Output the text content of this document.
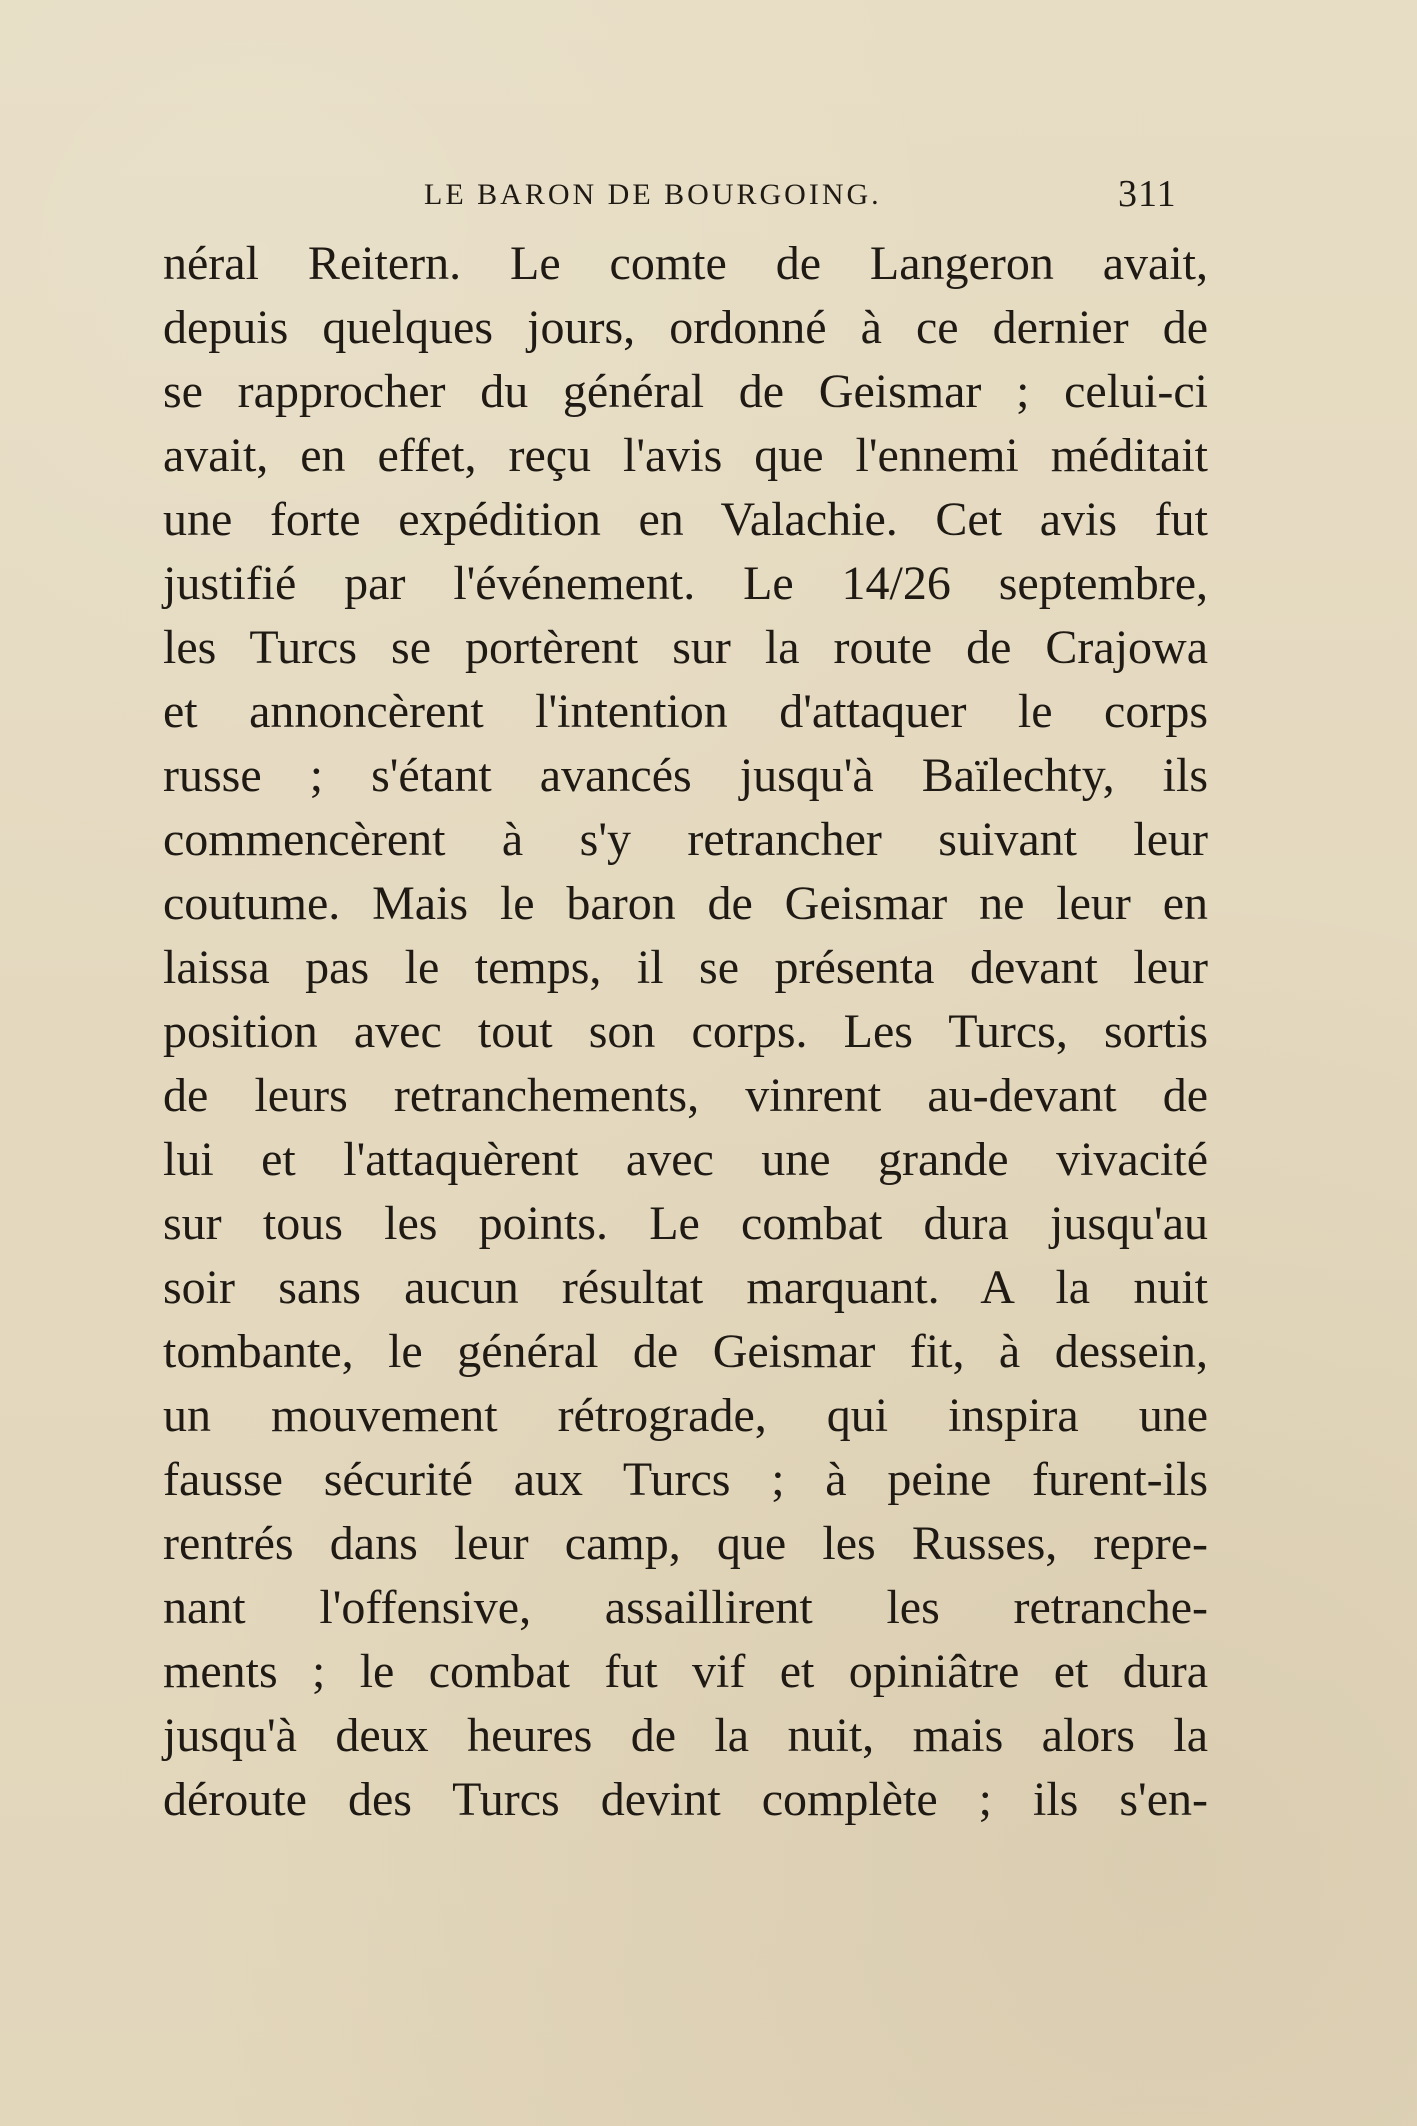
LE BARON DE BOURGOING.	311
néral Reitern. Le comte de Langeron avait,
depuis quelques jours, ordonné à ce dernier de
se rapprocher du général de Geismar ; celui-ci
avait, en effet, reçu l'avis que l'ennemi méditait
une forte expédition en Valachie. Cet avis fut
justifié par l'événement. Le 14/26 septembre,
les Turcs se portèrent sur la route de Crajowa
et annoncèrent l'intention d'attaquer le corps
russe ; s'étant avancés jusqu'à Baïlechty, ils
commencèrent à s'y retrancher suivant leur
coutume. Mais le baron de Geismar ne leur en
laissa pas le temps, il se présenta devant leur
position avec tout son corps. Les Turcs, sortis
de leurs retranchements, vinrent au-devant de
lui et l'attaquèrent avec une grande vivacité
sur tous les points. Le combat dura jusqu'au
soir sans aucun résultat marquant. A la nuit
tombante, le général de Geismar fit, à dessein,
un mouvement rétrograde, qui inspira une
fausse sécurité aux Turcs ; à peine furent-ils
rentrés dans leur camp, que les Russes, repre-
nant l'offensive, assaillirent les retranche-
ments ; le combat fut vif et opiniâtre et dura
jusqu'à deux heures de la nuit, mais alors la
déroute des Turcs devint complète ; ils s'en-
